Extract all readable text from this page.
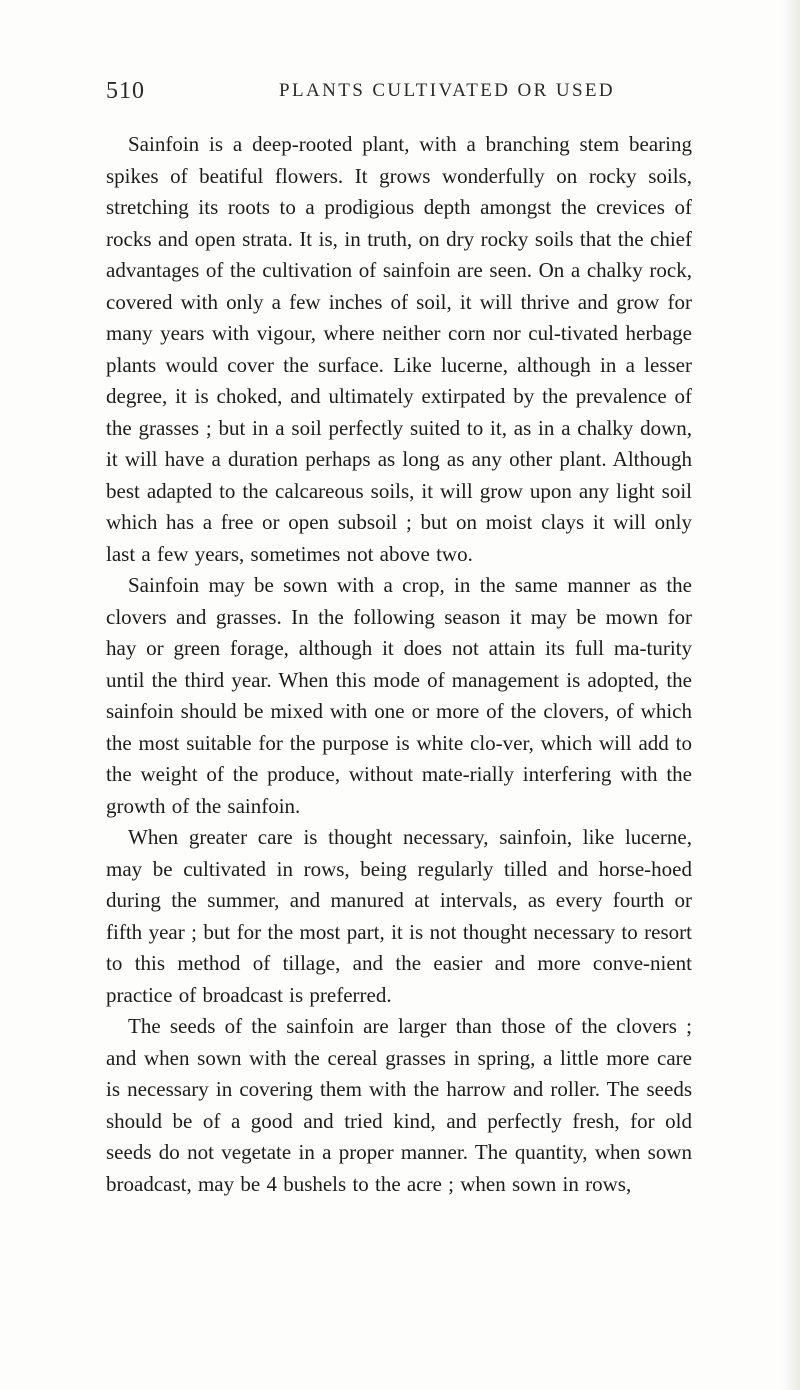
510	PLANTS CULTIVATED OR USED

Sainfoin is a deep-rooted plant, with a branching stem bearing spikes of beatiful flowers. It grows wonderfully on rocky soils, stretching its roots to a prodigious depth amongst the crevices of rocks and open strata. It is, in truth, on dry rocky soils that the chief advantages of the cultivation of sainfoin are seen. On a chalky rock, covered with only a few inches of soil, it will thrive and grow for many years with vigour, where neither corn nor cul-tivated herbage plants would cover the surface. Like lucerne, although in a lesser degree, it is choked, and ultimately extirpated by the prevalence of the grasses ; but in a soil perfectly suited to it, as in a chalky down, it will have a duration perhaps as long as any other plant. Although best adapted to the calcareous soils, it will grow upon any light soil which has a free or open subsoil ; but on moist clays it will only last a few years, sometimes not above two.

Sainfoin may be sown with a crop, in the same manner as the clovers and grasses. In the following season it may be mown for hay or green forage, although it does not attain its full ma-turity until the third year. When this mode of management is adopted, the sainfoin should be mixed with one or more of the clovers, of which the most suitable for the purpose is white clo-ver, which will add to the weight of the produce, without mate-rially interfering with the growth of the sainfoin.

When greater care is thought necessary, sainfoin, like lucerne, may be cultivated in rows, being regularly tilled and horse-hoed during the summer, and manured at intervals, as every fourth or fifth year ; but for the most part, it is not thought necessary to resort to this method of tillage, and the easier and more conve-nient practice of broadcast is preferred.

The seeds of the sainfoin are larger than those of the clovers ; and when sown with the cereal grasses in spring, a little more care is necessary in covering them with the harrow and roller. The seeds should be of a good and tried kind, and perfectly fresh, for old seeds do not vegetate in a proper manner. The quantity, when sown broadcast, may be 4 bushels to the acre ; when sown in rows,
